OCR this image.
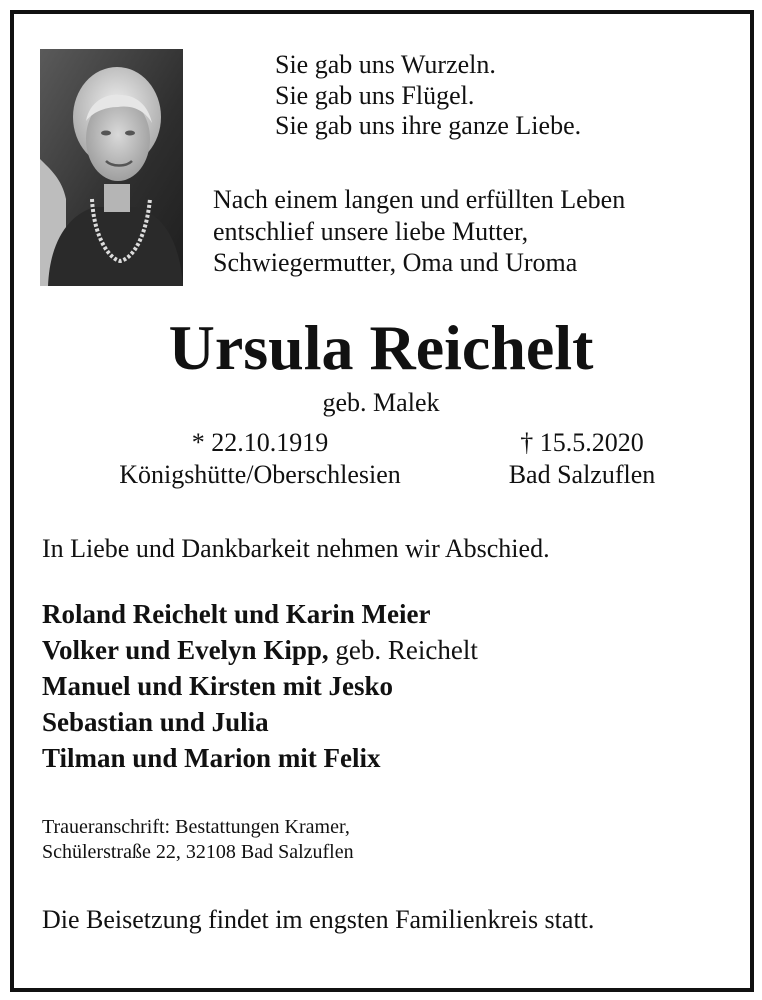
Sie gab uns Wurzeln.
Sie gab uns Flügel.
Sie gab uns ihre ganze Liebe.
Nach einem langen und erfüllten Leben
entschlief unsere liebe Mutter,
Schwiegermutter, Oma und Uroma
Ursula Reichelt
geb. Malek
* 22.10.1919
Königshütte/Oberschlesien
† 15.5.2020
Bad Salzuflen
In Liebe und Dankbarkeit nehmen wir Abschied.
Roland Reichelt und Karin Meier
Volker und Evelyn Kipp, geb. Reichelt
Manuel und Kirsten mit Jesko
Sebastian und Julia
Tilman und Marion mit Felix
Traueranschrift: Bestattungen Kramer,
Schülerstraße 22, 32108 Bad Salzuflen
Die Beisetzung findet im engsten Familienkreis statt.
